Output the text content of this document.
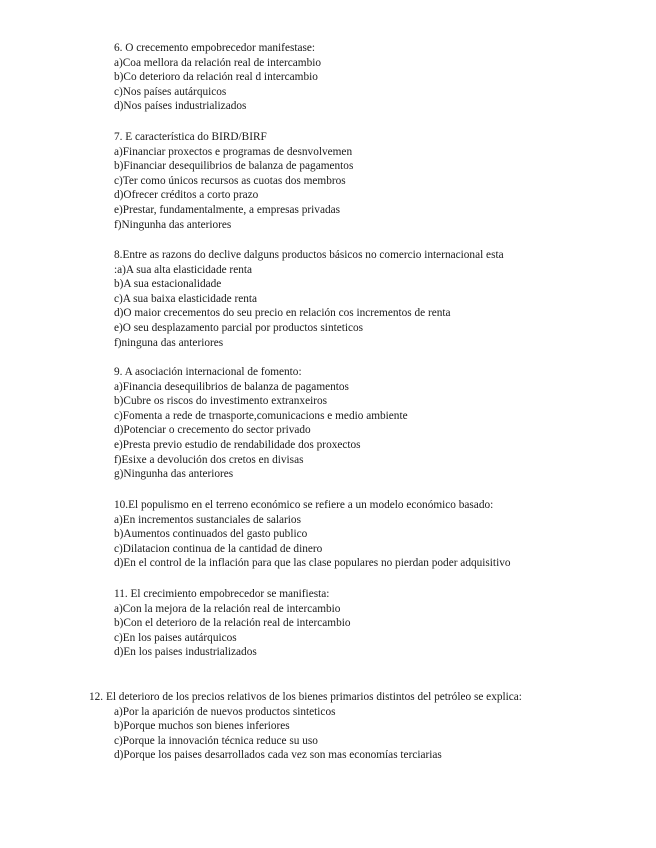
6. O crecemento empobrecedor manifestase:
a)Coa mellora da relación real de intercambio
b)Co deterioro da relación real d intercambio
c)Nos países autárquicos
d)Nos países industrializados
7. E característica do BIRD/BIRF
a)Financiar proxectos e programas de desnvolvemen
b)Financiar desequilibrios de balanza de pagamentos
c)Ter como únicos recursos as cuotas dos membros
d)Ofrecer créditos a corto prazo
e)Prestar, fundamentalmente, a empresas privadas
f)Ningunha das anteriores
8.Entre as razons do declive dalguns productos básicos no comercio internacional esta
:a)A sua alta elasticidade renta
b)A sua estacionalidade
c)A sua baixa elasticidade renta
d)O maior crecementos do seu precio en relación cos incrementos de renta
e)O seu desplazamento parcial por productos sinteticos
f)ninguna das anteriores
9. A asociación internacional de fomento:
a)Financia desequilibrios de balanza de pagamentos
b)Cubre os riscos do investimento extranxeiros
c)Fomenta a rede de trnasporte,comunicacions e medio ambiente
d)Potenciar o crecemento do sector privado
e)Presta previo estudio de rendabilidade dos proxectos
f)Esixe a devolución dos cretos en divisas
g)Ningunha das anteriores
10.El populismo en el terreno económico se refiere a un modelo económico basado:
a)En incrementos sustanciales de salarios
b)Aumentos continuados del gasto publico
c)Dilatacion continua de la cantidad de dinero
d)En el control de la inflación para que las clase populares no pierdan poder adquisitivo
11. El crecimiento empobrecedor se manifiesta:
a)Con la mejora de la relación real de intercambio
b)Con el deterioro de la relación real de intercambio
c)En los paises autárquicos
d)En los paises industrializados
12. El deterioro de los precios relativos de los bienes primarios distintos del petróleo se explica:
a)Por la aparición de nuevos productos sinteticos
b)Porque muchos son bienes inferiores
c)Porque la innovación técnica reduce su uso
d)Porque los paises desarrollados cada vez son mas economías terciarias
